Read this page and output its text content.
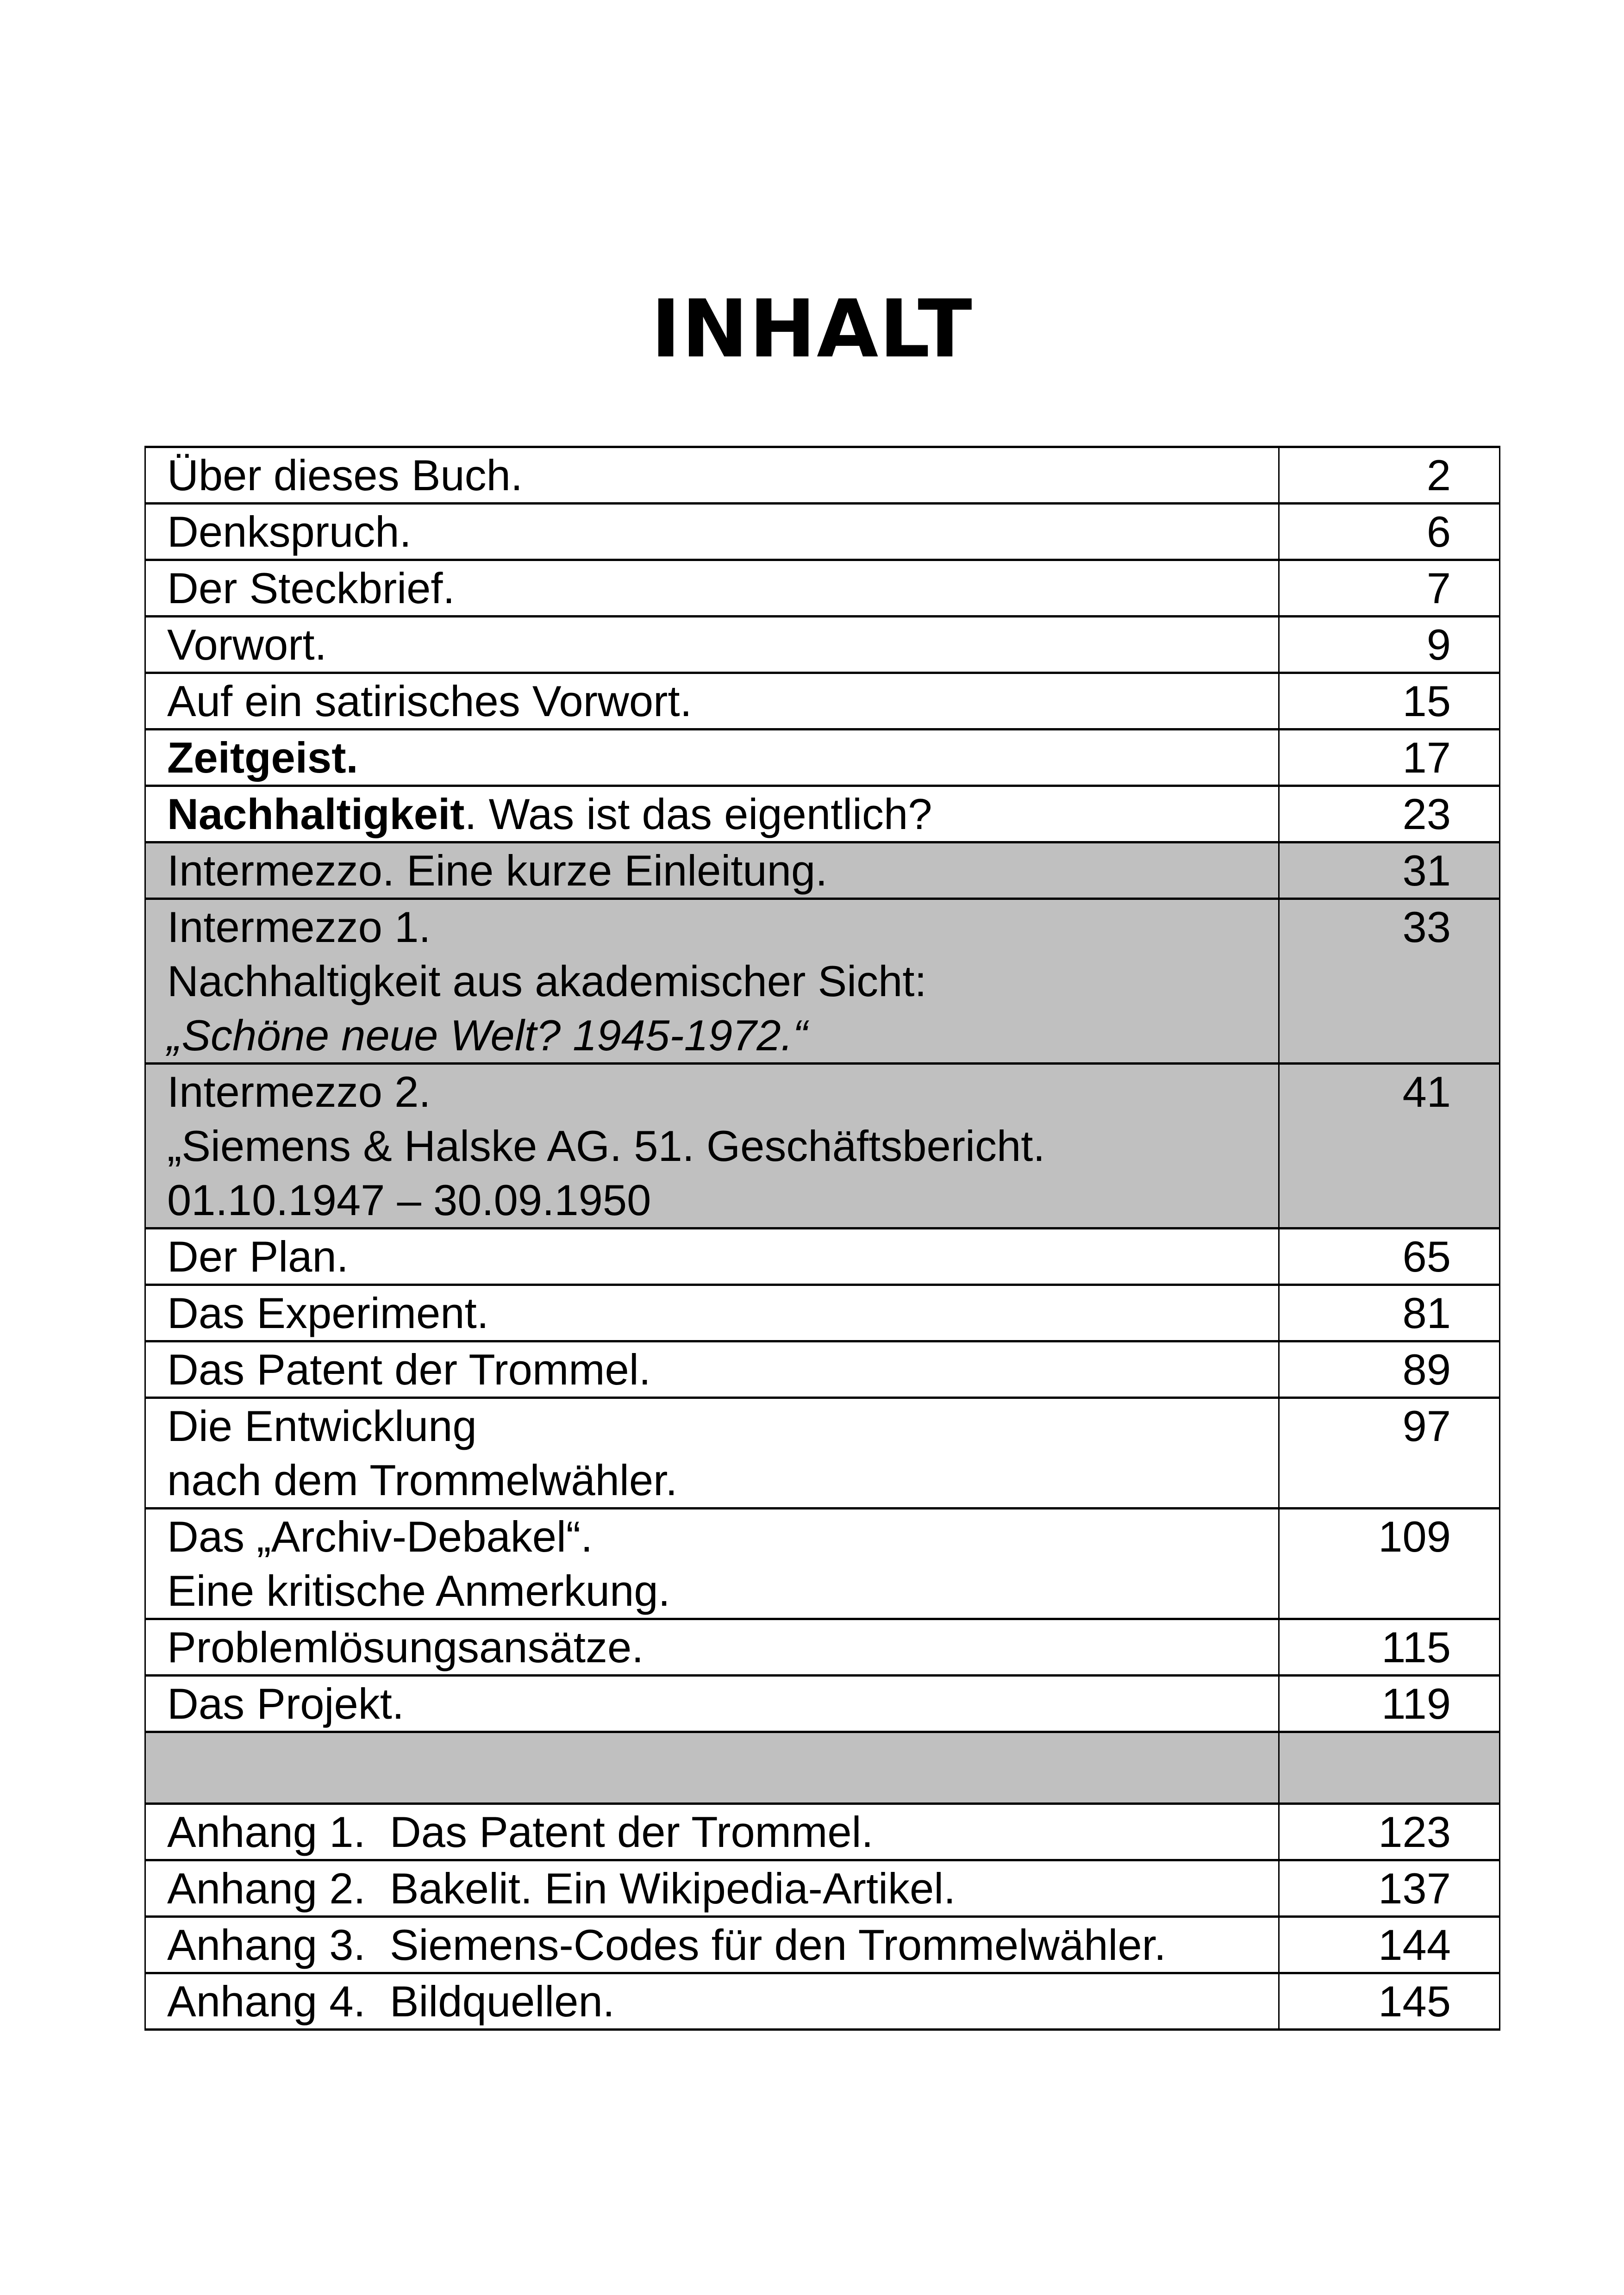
INHALT
Über dieses Buch.	2

Denkspruch.	6

Der Steckbrief.	7

Vorwort.	9

Auf ein satirisches Vorwort.	15

Zeitgeist.	17

Nachhaltigkeit. Was ist das eigentlich?	23

Intermezzo. Eine kurze Einleitung.	31

Intermezzo 1.
Nachhaltigkeit aus akademischer Sicht:
„Schöne neue Welt? 1945-1972.“	33

Intermezzo 2.
„Siemens & Halske AG. 51. Geschäftsbericht.
01.10.1947 – 30.09.1950	41

Der Plan.	65

Das Experiment.	81

Das Patent der Trommel.	89

Die Entwicklung
nach dem Trommelwähler.	97

Das „Archiv-Debakel“.
Eine kritische Anmerkung.	109

Problemlösungsansätze.	115

Das Projekt.	119

Anhang 1.  Das Patent der Trommel.	123

Anhang 2.  Bakelit. Ein Wikipedia-Artikel.	137

Anhang 3.  Siemens-Codes für den Trommelwähler.	144

Anhang 4.  Bildquellen.	145
